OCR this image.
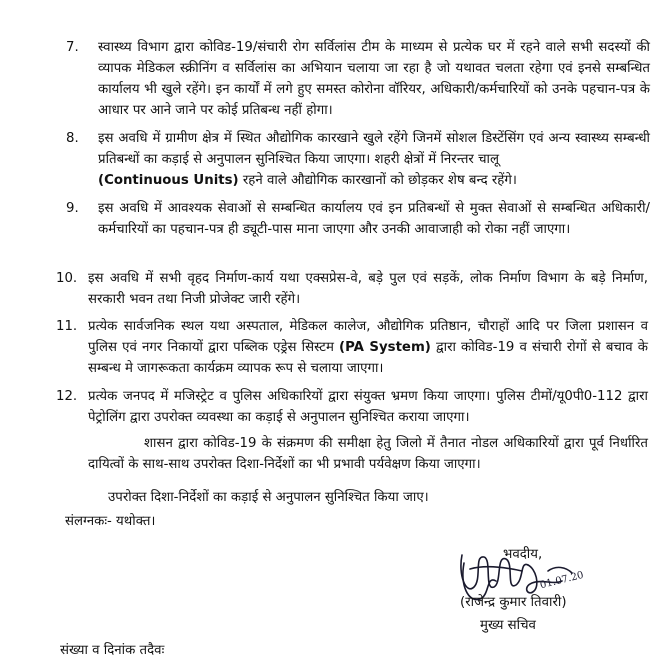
7.	स्वास्थ्य विभाग द्वारा कोविड-19/संचारी रोग सर्विलांस टीम के माध्यम से प्रत्येक घर में रहने वाले सभी सदस्यों की व्यापक मेडिकल स्क्रीनिंग व सर्विलांस का अभियान चलाया जा रहा है जो यथावत चलता रहेगा एवं इनसे सम्बन्धित कार्यालय भी खुले रहेंगे। इन कार्यों में लगे हुए समस्त कोरोना वॉरियर, अधिकारी/कर्मचारियों को उनके पहचान-पत्र के आधार पर आने जाने पर कोई प्रतिबन्ध नहीं होगा।
8.	इस अवधि में ग्रामीण क्षेत्र में स्थित औद्योगिक कारखाने खुले रहेंगे जिनमें सोशल डिस्टेंसिंग एवं अन्य स्वास्थ्य सम्बन्धी प्रतिबन्धों का कड़ाई से अनुपालन सुनिश्चित किया जाएगा। शहरी क्षेत्रों में निरन्तर चालू
(Continuous Units) रहने वाले औद्योगिक कारखानों को छोड़कर शेष बन्द रहेंगे।
9.	इस अवधि में आवश्यक सेवाओं से सम्बन्धित कार्यालय एवं इन प्रतिबन्धों से मुक्त सेवाओं से सम्बन्धित अधिकारी/कर्मचारियों का पहचान-पत्र ही ड्यूटी-पास माना जाएगा और उनकी आवाजाही को रोका नहीं जाएगा।
10. इस अवधि में सभी वृहद निर्माण-कार्य यथा एक्सप्रेस-वे, बड़े पुल एवं सड़कें, लोक निर्माण विभाग के बड़े निर्माण, सरकारी भवन तथा निजी प्रोजेक्ट जारी रहेंगे।
11. प्रत्येक सार्वजनिक स्थल यथा अस्पताल, मेडिकल कालेज, औद्योगिक प्रतिष्ठान, चौराहों आदि पर जिला प्रशासन व पुलिस एवं नगर निकायों द्वारा पब्लिक एड्रेस सिस्टम (PA System) द्वारा कोविड-19 व संचारी रोगों से बचाव के सम्बन्ध मे जागरूकता कार्यक्रम व्यापक रूप से चलाया जाएगा।
12. प्रत्येक जनपद में मजिस्ट्रेट व पुलिस अधिकारियों द्वारा संयुक्त भ्रमण किया जाएगा। पुलिस टीमों/यू0पी0-112 द्वारा पेट्रोलिंग द्वारा उपरोक्त व्यवस्था का कड़ाई से अनुपालन सुनिश्चित कराया जाएगा।
शासन द्वारा कोविड-19 के संक्रमण की समीक्षा हेतु जिलो में तैनात नोडल अधिकारियों द्वारा पूर्व निर्धारित दायित्वों के साथ-साथ उपरोक्त दिशा-निर्देशों का भी प्रभावी पर्यवेक्षण किया जाएगा।
उपरोक्त दिशा-निर्देशों का कड़ाई से अनुपालन सुनिश्चित किया जाए।
संलग्नकः- यथोक्त।
01.07.20
भवदीय,
(राजेन्द्र कुमार तिवारी)
मुख्य सचिव
संख्या व दिनांक तदैवः
